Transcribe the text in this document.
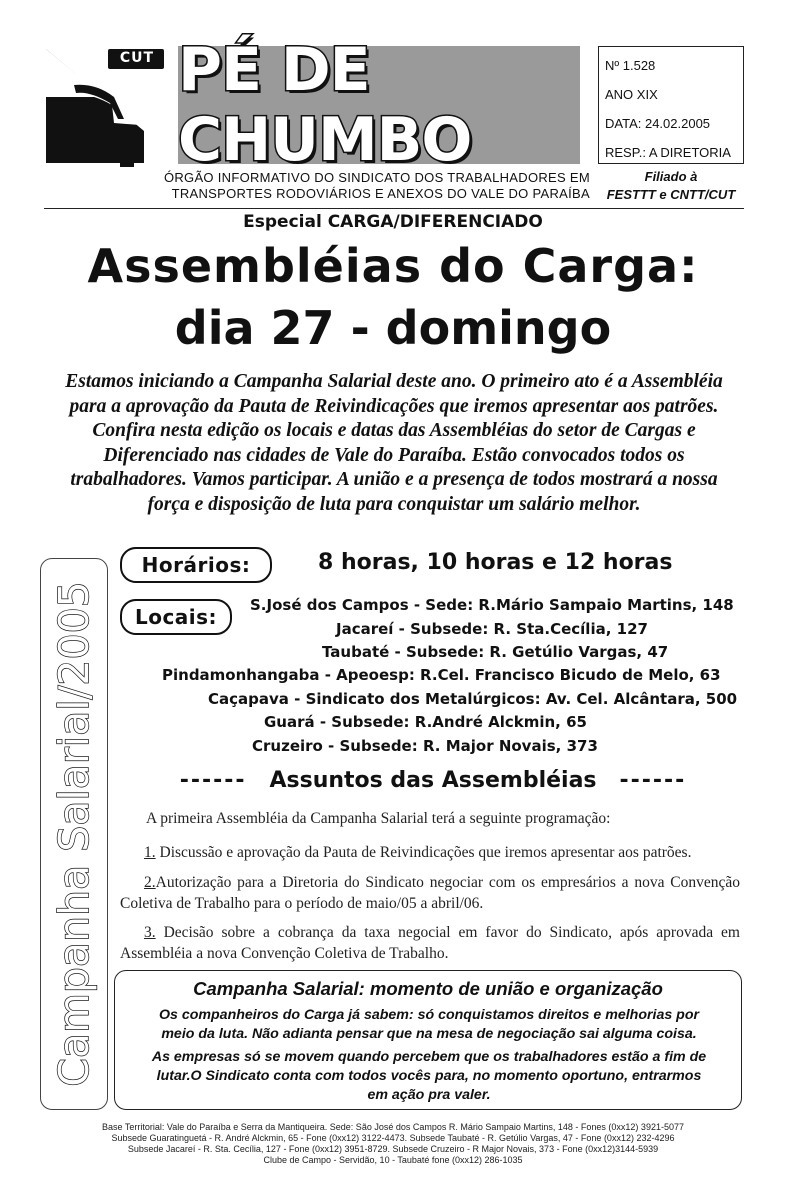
CUT PÉ DE CHUMBO
ÓRGÃO INFORMATIVO DO SINDICATO DOS TRABALHADORES EM
TRANSPORTES RODOVIÁRIOS E ANEXOS DO VALE DO PARAÍBA
Nº 1.528
ANO XIX
DATA: 24.02.2005
RESP.: A DIRETORIA
Filiado à
FESTTT e CNTT/CUT
Especial CARGA/DIFERENCIADO
Assembléias do Carga:
dia 27 - domingo
Estamos iniciando a Campanha Salarial deste ano. O primeiro ato é a Assembléia
para a aprovação da Pauta de Reivindicações que iremos apresentar aos patrões.
Confira nesta edição os locais e datas das Assembléias do setor de Cargas e
Diferenciado nas cidades de Vale do Paraíba. Estão convocados todos os
trabalhadores. Vamos participar. A união e a presença de todos mostrará a nossa
força e disposição de luta para conquistar um salário melhor.
Campanha Salarial/2005
Horários:	8 horas, 10 horas e 12 horas
Locais:	S.José dos Campos - Sede: R.Mário Sampaio Martins, 148
Jacareí - Subsede: R. Sta.Cecília, 127
Taubaté - Subsede: R. Getúlio Vargas, 47
Pindamonhangaba - Apeoesp: R.Cel. Francisco Bicudo de Melo, 63
Caçapava - Sindicato dos Metalúrgicos: Av. Cel. Alcântara, 500
Guará - Subsede: R.André Alckmin, 65
Cruzeiro - Subsede: R. Major Novais, 373
------ Assuntos das Assembléias ------
A primeira Assembléia da Campanha Salarial terá a seguinte programação:
1. Discussão e aprovação da Pauta de Reivindicações que iremos apresentar aos patrões.
2.Autorização para a Diretoria do Sindicato negociar com os empresários a nova Convenção Coletiva de Trabalho para o período de maio/05 a abril/06.
3. Decisão sobre a cobrança da taxa negocial em favor do Sindicato, após aprovada em Assembléia a nova Convenção Coletiva de Trabalho.
Campanha Salarial: momento de união e organização
Os companheiros do Carga já sabem: só conquistamos direitos e melhorias por
meio da luta. Não adianta pensar que na mesa de negociação sai alguma coisa.
As empresas só se movem quando percebem que os trabalhadores estão a fim de
lutar.O Sindicato conta com todos vocês para, no momento oportuno, entrarmos
em ação pra valer.
Base Territorial: Vale do Paraíba e Serra da Mantiqueira. Sede: São José dos Campos R. Mário Sampaio Martins, 148 - Fones (0xx12) 3921-5077
Subsede Guaratinguetá - R. André Alckmin, 65 - Fone (0xx12) 3122-4473. Subsede Taubaté - R. Getúlio Vargas, 47 - Fone (0xx12) 232-4296
Subsede Jacareí - R. Sta. Cecília, 127 - Fone (0xx12) 3951-8729. Subsede Cruzeiro - R Major Novais, 373 - Fone (0xx12)3144-5939
Clube de Campo - Servidão, 10 - Taubaté fone (0xx12) 286-1035
